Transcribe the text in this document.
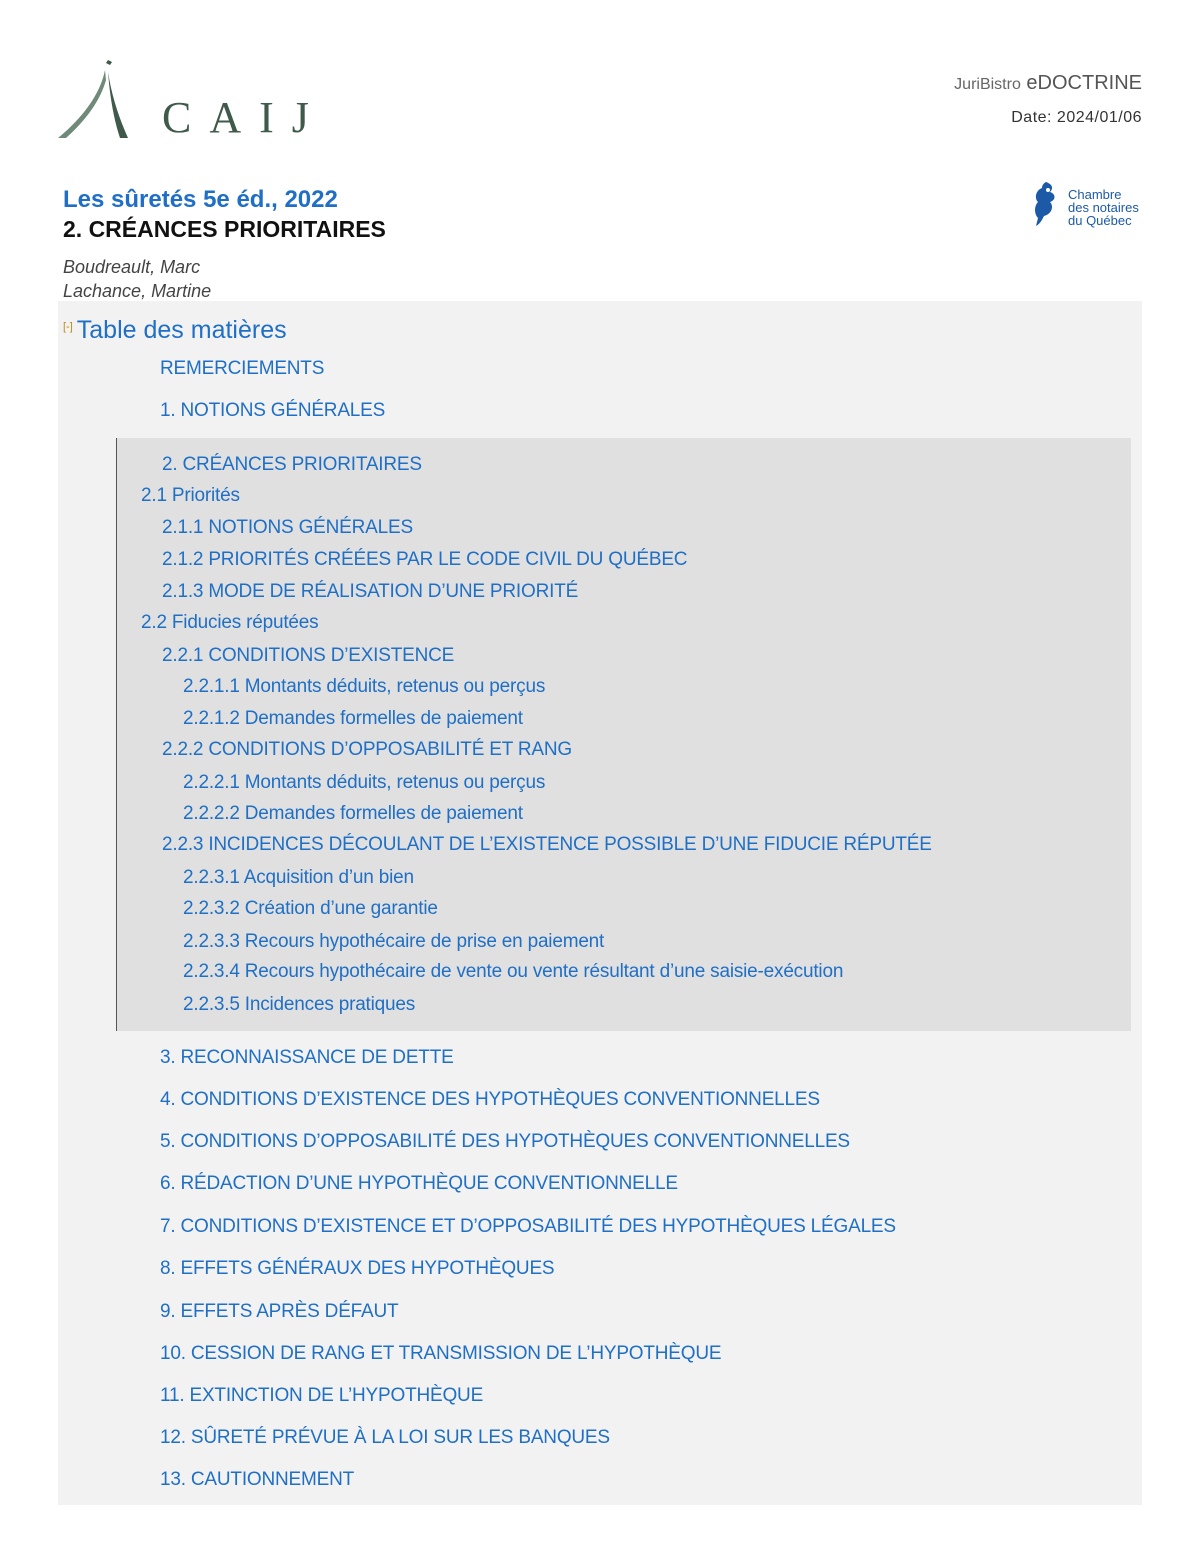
CAIJ
JuriBistro eDOCTRINE
Date: 2024/01/06
Les sûretés 5e éd., 2022
2. CRÉANCES PRIORITAIRES
Boudreault, Marc
Lachance, Martine
Chambre
des notaires
du Québec
[-] Table des matières
REMERCIEMENTS
1. NOTIONS GÉNÉRALES
2. CRÉANCES PRIORITAIRES
2.1 Priorités
2.1.1 NOTIONS GÉNÉRALES
2.1.2 PRIORITÉS CRÉÉES PAR LE CODE CIVIL DU QUÉBEC
2.1.3 MODE DE RÉALISATION D’UNE PRIORITÉ
2.2 Fiducies réputées
2.2.1 CONDITIONS D’EXISTENCE
2.2.1.1 Montants déduits, retenus ou perçus
2.2.1.2 Demandes formelles de paiement
2.2.2 CONDITIONS D’OPPOSABILITÉ ET RANG
2.2.2.1 Montants déduits, retenus ou perçus
2.2.2.2 Demandes formelles de paiement
2.2.3 INCIDENCES DÉCOULANT DE L’EXISTENCE POSSIBLE D’UNE FIDUCIE RÉPUTÉE
2.2.3.1 Acquisition d’un bien
2.2.3.2 Création d’une garantie
2.2.3.3 Recours hypothécaire de prise en paiement
2.2.3.4 Recours hypothécaire de vente ou vente résultant d’une saisie-exécution
2.2.3.5 Incidences pratiques
3. RECONNAISSANCE DE DETTE
4. CONDITIONS D’EXISTENCE DES HYPOTHÈQUES CONVENTIONNELLES
5. CONDITIONS D’OPPOSABILITÉ DES HYPOTHÈQUES CONVENTIONNELLES
6. RÉDACTION D’UNE HYPOTHÈQUE CONVENTIONNELLE
7. CONDITIONS D’EXISTENCE ET D’OPPOSABILITÉ DES HYPOTHÈQUES LÉGALES
8. EFFETS GÉNÉRAUX DES HYPOTHÈQUES
9. EFFETS APRÈS DÉFAUT
10. CESSION DE RANG ET TRANSMISSION DE L’HYPOTHÈQUE
11. EXTINCTION DE L’HYPOTHÈQUE
12. SÛRETÉ PRÉVUE À LA LOI SUR LES BANQUES
13. CAUTIONNEMENT
